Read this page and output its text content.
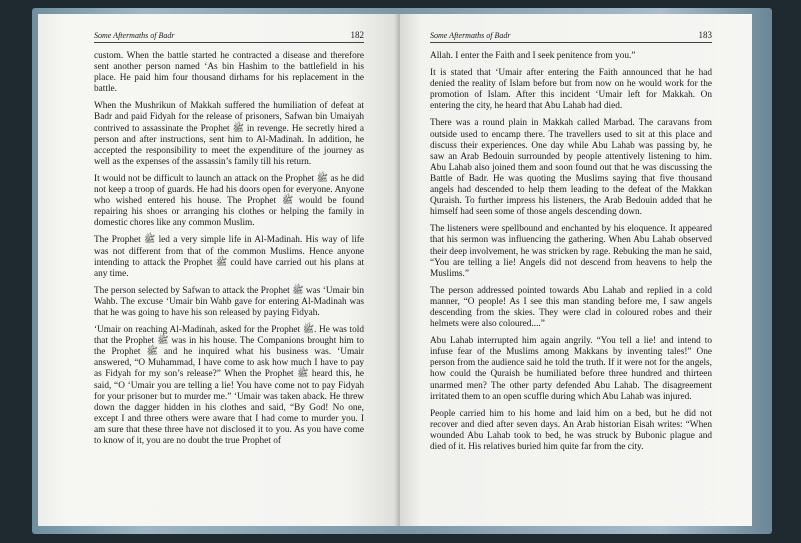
Some Aftermaths of Badr	182

custom. When the battle started he contracted a disease and therefore sent another person named ‘As bin Hashim to the battlefield in his place. He paid him four thousand dirhams for his replacement in the battle.

When the Mushrikun of Makkah suffered the humiliation of defeat at Badr and paid Fidyah for the release of prisoners, Safwan bin Umaiyah contrived to assassinate the Prophet ﷺ in revenge. He secretly hired a person and after instructions, sent him to Al-Madinah. In addition, he accepted the responsibility to meet the expenditure of the journey as well as the expenses of the assassin’s family till his return.

It would not be difficult to launch an attack on the Prophet ﷺ as he did not keep a troop of guards. He had his doors open for everyone. Anyone who wished entered his house. The Prophet ﷺ would be found repairing his shoes or arranging his clothes or helping the family in domestic chores like any common Muslim.

The Prophet ﷺ led a very simple life in Al-Madinah. His way of life was not different from that of the common Muslims. Hence anyone intending to attack the Prophet ﷺ could have carried out his plans at any time.

The person selected by Safwan to attack the Prophet ﷺ was ‘Umair bin Wahb. The excuse ‘Umair bin Wahb gave for entering Al-Madinah was that he was going to have his son released by paying Fidyah.

‘Umair on reaching Al-Madinah, asked for the Prophet ﷺ. He was told that the Prophet ﷺ was in his house. The Companions brought him to the Prophet ﷺ and he inquired what his business was. ‘Umair answered, “O Muhammad, I have come to ask how much I have to pay as Fidyah for my son’s release?” When the Prophet ﷺ heard this, he said, “O ‘Umair you are telling a lie! You have come not to pay Fidyah for your prisoner but to murder me.” ‘Umair was taken aback. He threw down the dagger hidden in his clothes and said, “By God! No one, except I and three others were aware that I had come to murder you. I am sure that these three have not disclosed it to you. As you have come to know of it, you are no doubt the true Prophet of

Some Aftermaths of Badr	183

Allah. I enter the Faith and I seek penitence from you.”

It is stated that ‘Umair after entering the Faith announced that he had denied the reality of Islam before but from now on he would work for the promotion of Islam. After this incident ‘Umair left for Makkah. On entering the city, he heard that Abu Lahab had died.

There was a round plain in Makkah called Marbad. The caravans from outside used to encamp there. The travellers used to sit at this place and discuss their experiences. One day while Abu Lahab was passing by, he saw an Arab Bedouin surrounded by people attentively listening to him. Abu Lahab also joined them and soon found out that he was discussing the Battle of Badr. He was quoting the Muslims saying that five thousand angels had descended to help them leading to the defeat of the Makkan Quraish. To further impress his listeners, the Arab Bedouin added that he himself had seen some of those angels descending down.

The listeners were spellbound and enchanted by his eloquence. It appeared that his sermon was influencing the gathering. When Abu Lahab observed their deep involvement, he was stricken by rage. Rebuking the man he said, “You are telling a lie! Angels did not descend from heavens to help the Muslims.”

The person addressed pointed towards Abu Lahab and replied in a cold manner, “O people! As I see this man standing before me, I saw angels descending from the skies. They were clad in coloured robes and their helmets were also coloured....”

Abu Lahab interrupted him again angrily. “You tell a lie! and intend to infuse fear of the Muslims among Makkans by inventing tales!” One person from the audience said he told the truth. If it were not for the angels, how could the Quraish be humiliated before three hundred and thirteen unarmed men? The other party defended Abu Lahab. The disagreement irritated them to an open scuffle during which Abu Lahab was injured.

People carried him to his home and laid him on a bed, but he did not recover and died after seven days. An Arab historian Eisah writes: “When wounded Abu Lahab took to bed, he was struck by Bubonic plague and died of it. His relatives buried him quite far from the city.
